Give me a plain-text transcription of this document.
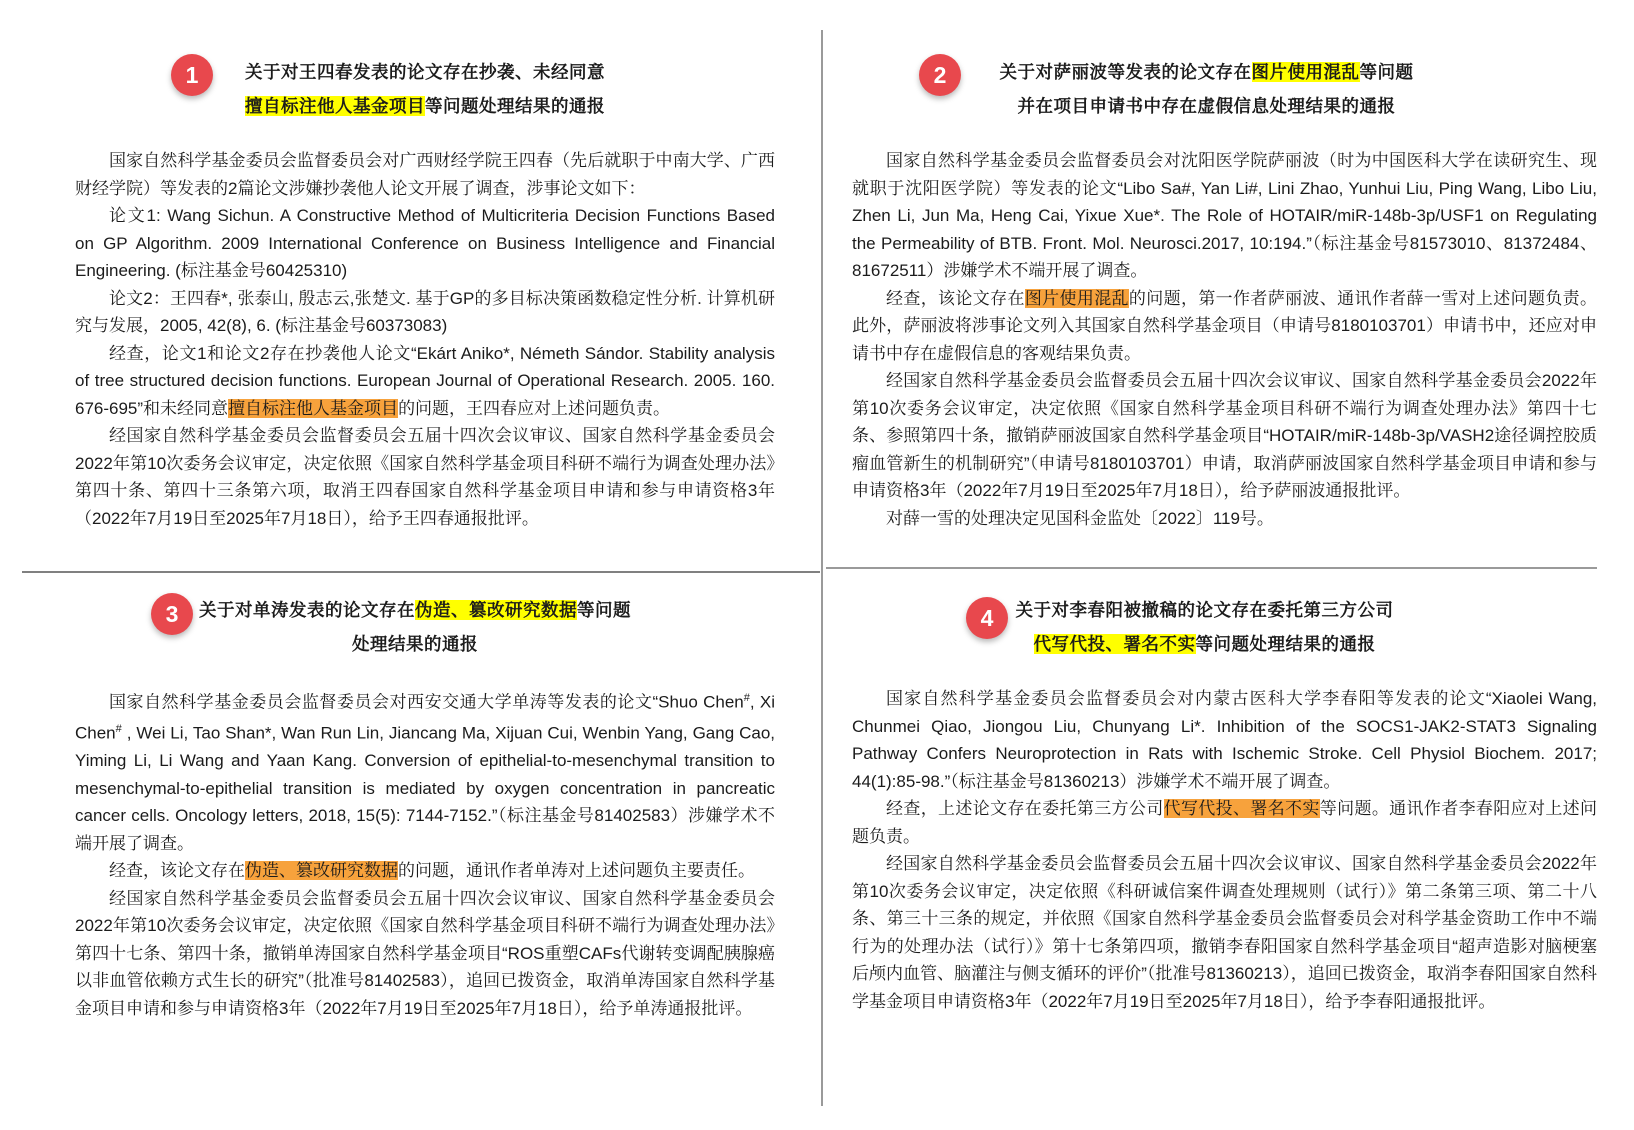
1	关于对王四春发表的论文存在抄袭、未经同意
擅自标注他人基金项目等问题处理结果的通报

国家自然科学基金委员会监督委员会对广西财经学院王四春（先后就职于中南大学、广西财经学院）等发表的2篇论文涉嫌抄袭他人论文开展了调查，涉事论文如下：

论文1: Wang Sichun. A Constructive Method of Multicriteria Decision Functions Based on GP Algorithm. 2009 International Conference on Business Intelligence and Financial Engineering. (标注基金号60425310)

论文2：王四春*, 张泰山, 殷志云,张楚文. 基于GP的多目标决策函数稳定性分析. 计算机研究与发展，2005, 42(8), 6. (标注基金号60373083)

经查，论文1和论文2存在抄袭他人论文“Ekárt Aniko*, Németh Sándor. Stability analysis of tree structured decision functions. European Journal of Operational Research. 2005. 160. 676-695”和未经同意擅自标注他人基金项目的问题，王四春应对上述问题负责。

经国家自然科学基金委员会监督委员会五届十四次会议审议、国家自然科学基金委员会2022年第10次委务会议审定，决定依照《国家自然科学基金项目科研不端行为调查处理办法》第四十条、第四十三条第六项，取消王四春国家自然科学基金项目申请和参与申请资格3年（2022年7月19日至2025年7月18日），给予王四春通报批评。

2	关于对萨丽波等发表的论文存在图片使用混乱等问题
并在项目申请书中存在虚假信息处理结果的通报

国家自然科学基金委员会监督委员会对沈阳医学院萨丽波（时为中国医科大学在读研究生、现就职于沈阳医学院）等发表的论文“Libo Sa#, Yan Li#, Lini Zhao, Yunhui Liu, Ping Wang, Libo Liu, Zhen Li, Jun Ma, Heng Cai, Yixue Xue*. The Role of HOTAIR/miR-148b-3p/USF1 on Regulating the Permeability of BTB. Front. Mol. Neurosci.2017, 10:194.”（标注基金号81573010、81372484、81672511）涉嫌学术不端开展了调查。

经查，该论文存在图片使用混乱的问题，第一作者萨丽波、通讯作者薛一雪对上述问题负责。此外，萨丽波将涉事论文列入其国家自然科学基金项目（申请号8180103701）申请书中，还应对申请书中存在虚假信息的客观结果负责。

经国家自然科学基金委员会监督委员会五届十四次会议审议、国家自然科学基金委员会2022年第10次委务会议审定，决定依照《国家自然科学基金项目科研不端行为调查处理办法》第四十七条、参照第四十条，撤销萨丽波国家自然科学基金项目“HOTAIR/miR-148b-3p/VASH2途径调控胶质瘤血管新生的机制研究”（申请号8180103701）申请，取消萨丽波国家自然科学基金项目申请和参与申请资格3年（2022年7月19日至2025年7月18日），给予萨丽波通报批评。

对薛一雪的处理决定见国科金监处〔2022〕119号。

3	关于对单涛发表的论文存在伪造、篡改研究数据等问题
处理结果的通报

国家自然科学基金委员会监督委员会对西安交通大学单涛等发表的论文“Shuo Chen#, Xi Chen# , Wei Li, Tao Shan*, Wan Run Lin, Jiancang Ma, Xijuan Cui, Wenbin Yang, Gang Cao, Yiming Li, Li Wang and Yaan Kang. Conversion of epithelial-to-mesenchymal transition to mesenchymal-to-epithelial transition is mediated by oxygen concentration in pancreatic cancer cells. Oncology letters, 2018, 15(5): 7144-7152.”（标注基金号81402583）涉嫌学术不端开展了调查。

经查，该论文存在伪造、篡改研究数据的问题，通讯作者单涛对上述问题负主要责任。

经国家自然科学基金委员会监督委员会五届十四次会议审议、国家自然科学基金委员会2022年第10次委务会议审定，决定依照《国家自然科学基金项目科研不端行为调查处理办法》第四十七条、第四十条，撤销单涛国家自然科学基金项目“ROS重塑CAFs代谢转变调配胰腺癌以非血管依赖方式生长的研究”（批准号81402583），追回已拨资金，取消单涛国家自然科学基金项目申请和参与申请资格3年（2022年7月19日至2025年7月18日），给予单涛通报批评。

4	关于对李春阳被撤稿的论文存在委托第三方公司
代写代投、署名不实等问题处理结果的通报

国家自然科学基金委员会监督委员会对内蒙古医科大学李春阳等发表的论文“Xiaolei Wang, Chunmei Qiao, Jiongou Liu, Chunyang Li*. Inhibition of the SOCS1-JAK2-STAT3 Signaling Pathway Confers Neuroprotection in Rats with Ischemic Stroke. Cell Physiol Biochem. 2017; 44(1):85-98.”（标注基金号81360213）涉嫌学术不端开展了调查。

经查，上述论文存在委托第三方公司代写代投、署名不实等问题。通讯作者李春阳应对上述问题负责。

经国家自然科学基金委员会监督委员会五届十四次会议审议、国家自然科学基金委员会2022年第10次委务会议审定，决定依照《科研诚信案件调查处理规则（试行）》第二条第三项、第二十八条、第三十三条的规定，并依照《国家自然科学基金委员会监督委员会对科学基金资助工作中不端行为的处理办法（试行）》第十七条第四项，撤销李春阳国家自然科学基金项目“超声造影对脑梗塞后颅内血管、脑灌注与侧支循环的评价”（批准号81360213），追回已拨资金，取消李春阳国家自然科学基金项目申请资格3年（2022年7月19日至2025年7月18日），给予李春阳通报批评。
